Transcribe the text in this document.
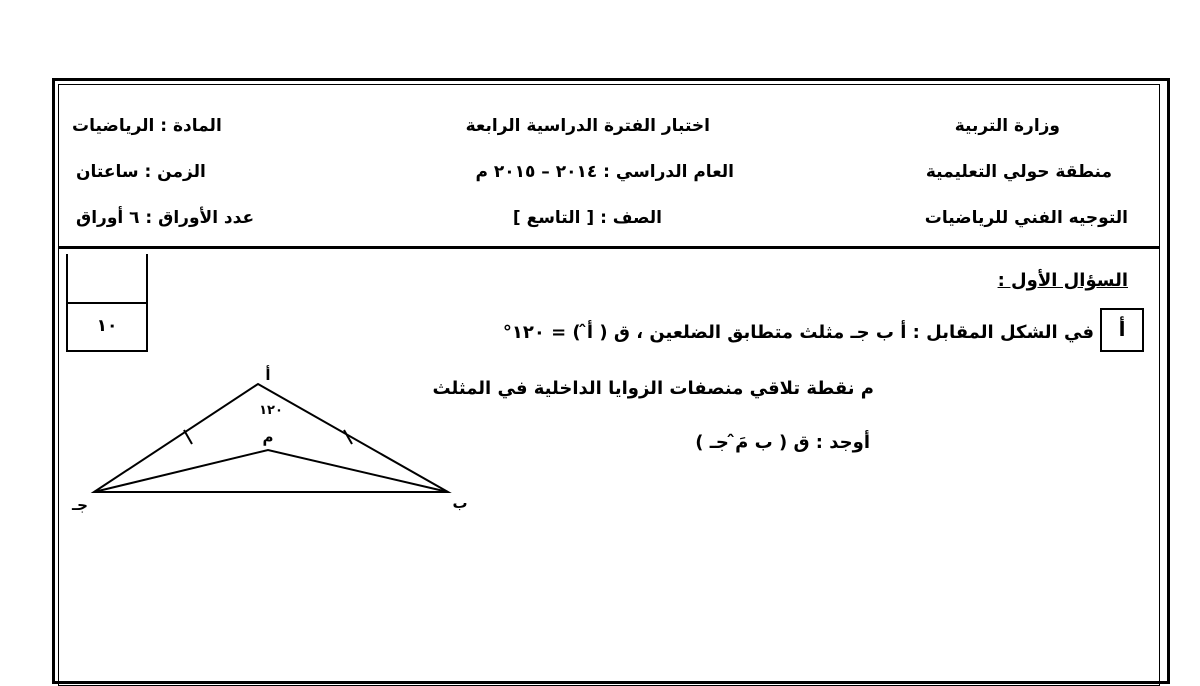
وزارة التربية
منطقة حولي التعليمية
التوجيه الفني للرياضيات
اختبار الفترة الدراسية الرابعة
العام الدراسي : ٢٠١٤ – ٢٠١٥ م
الصف : [ التاسع ]
المادة : الرياضيات
الزمن : ساعتان
عدد الأوراق : ٦ أوراق
١٠
السؤال الأول :
أ
في الشكل المقابل : أ ب جـ مثلث متطابق الضلعين ، ق ( أ̂ ) = ١٢٠°
م نقطة تلاقي منصفات الزوايا الداخلية في المثلث
أوجد : ق ( ب مَ̂ جـ )
أ
١٢٠
م
ب
جـ
